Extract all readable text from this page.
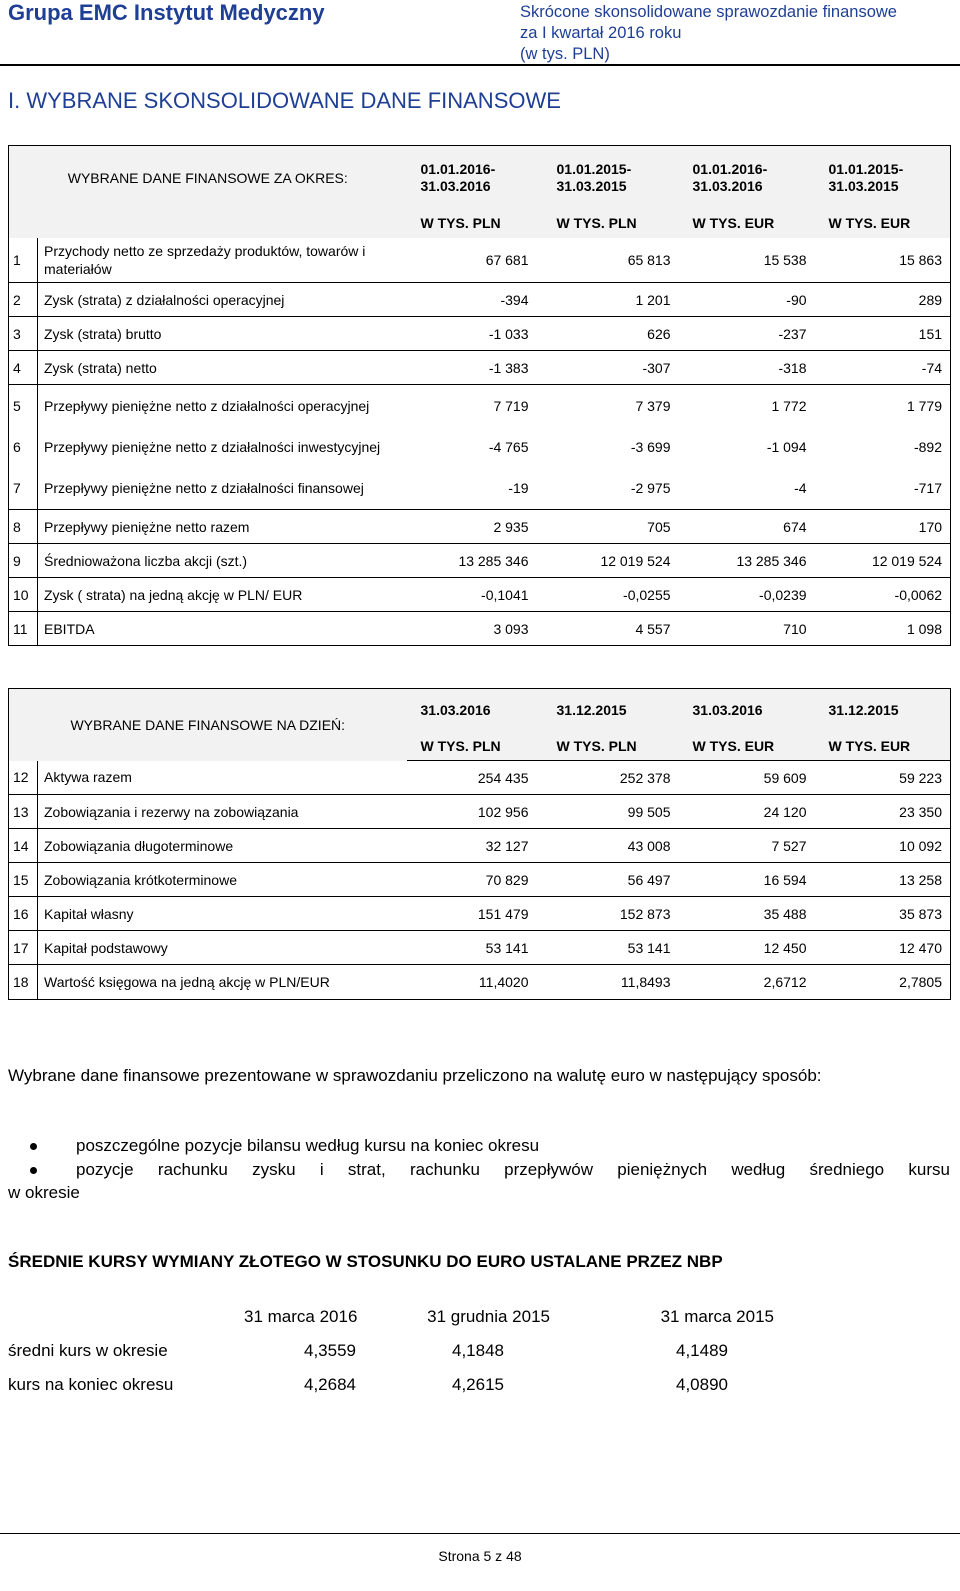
Grupa EMC Instytut Medyczny	Skrócone skonsolidowane sprawozdanie finansowe
za I kwartał 2016 roku
(w tys. PLN)
I. WYBRANE SKONSOLIDOWANE DANE FINANSOWE
WYBRANE DANE FINANSOWE ZA OKRES:		01.01.2016-
31.03.2016	01.01.2015-
31.03.2015	01.01.2016-
31.03.2016	01.01.2015-
31.03.2015
		W TYS. PLN	W TYS. PLN	W TYS. EUR	W TYS. EUR
1	Przychody netto ze sprzedaży produktów, towarów i materiałów	67 681	65 813	15 538	15 863
2	Zysk (strata) z działalności operacyjnej	-394	1 201	-90	289
3	Zysk (strata) brutto	-1 033	626	-237	151
4	Zysk (strata) netto	-1 383	-307	-318	-74
5	Przepływy pieniężne netto z działalności operacyjnej	7 719	7 379	1 772	1 779
6	Przepływy pieniężne netto z działalności inwestycyjnej	-4 765	-3 699	-1 094	-892
7	Przepływy pieniężne netto z działalności finansowej	-19	-2 975	-4	-717
8	Przepływy pieniężne netto razem	2 935	705	674	170
9	Średnioważona liczba akcji (szt.)	13 285 346	12 019 524	13 285 346	12 019 524
10	Zysk ( strata) na jedną akcję w PLN/ EUR	-0,1041	-0,0255	-0,0239	-0,0062
11	EBITDA	3 093	4 557	710	1 098
WYBRANE DANE FINANSOWE NA DZIEŃ:		31.03.2016	31.12.2015	31.03.2016	31.12.2015
		W TYS. PLN	W TYS. PLN	W TYS. EUR	W TYS. EUR
12	Aktywa razem	254 435	252 378	59 609	59 223
13	Zobowiązania i rezerwy na zobowiązania	102 956	99 505	24 120	23 350
14	Zobowiązania długoterminowe	32 127	43 008	7 527	10 092
15	Zobowiązania krótkoterminowe	70 829	56 497	16 594	13 258
16	Kapitał własny	151 479	152 873	35 488	35 873
17	Kapitał podstawowy	53 141	53 141	12 450	12 470
18	Wartość księgowa na jedną akcję w PLN/EUR	11,4020	11,8493	2,6712	2,7805
Wybrane dane finansowe prezentowane w sprawozdaniu przeliczono na walutę euro w następujący sposób:
poszczególne pozycje bilansu według kursu na koniec okresu
pozycje rachunku zysku i strat, rachunku przepływów pieniężnych według średniego kursu
w okresie
ŚREDNIE KURSY WYMIANY ZŁOTEGO W STOSUNKU DO EURO USTALANE PRZEZ NBP
	31 marca 2016	31 grudnia 2015	31 marca 2015
średni kurs w okresie	4,3559	4,1848	4,1489
kurs na koniec okresu	4,2684	4,2615	4,0890
Strona 5 z 48
